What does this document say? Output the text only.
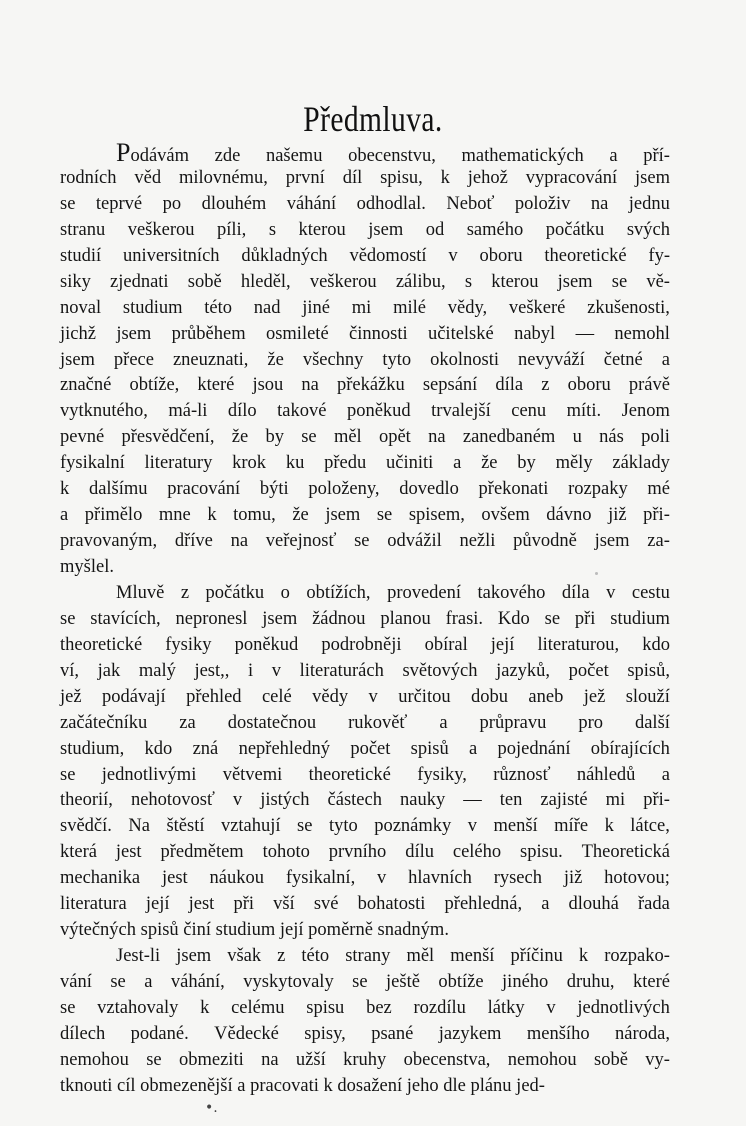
Předmluva.
Podávám zde našemu obecenstvu, mathematických a pří-
rodních věd milovnému, první díl spisu, k jehož vypracování jsem
se teprvé po dlouhém váhání odhodlal. Neboť položiv na jednu
stranu veškerou píli, s kterou jsem od samého počátku svých
studií universitních důkladných vědomostí v oboru theoretické fy-
siky zjednati sobě hleděl, veškerou zálibu, s kterou jsem se vě-
noval studium této nad jiné mi milé vědy, veškeré zkušenosti,
jichž jsem průběhem osmileté činnosti učitelské nabyl — nemohl
jsem přece zneuznati, že všechny tyto okolnosti nevyváží četné a
značné obtíže, které jsou na překážku sepsání díla z oboru právě
vytknutého, má-li dílo takové poněkud trvalejší cenu míti. Jenom
pevné přesvědčení, že by se měl opět na zanedbaném u nás poli
fysikalní literatury krok ku předu učiniti a že by měly základy
k dalšímu pracování býti položeny, dovedlo překonati rozpaky mé
a přimělo mne k tomu, že jsem se spisem, ovšem dávno již při-
pravovaným, dříve na veřejnosť se odvážil nežli původně jsem za-
myšlel.
Mluvě z počátku o obtížích, provedení takového díla v cestu
se stavících, nepronesl jsem žádnou planou frasi. Kdo se při studium
theoretické fysiky poněkud podrobněji obíral její literaturou, kdo
ví, jak malý jest,, i v literaturách světových jazyků, počet spisů,
jež podávají přehled celé vědy v určitou dobu aneb jež slouží
začátečníku za dostatečnou rukověť a průpravu pro další
studium, kdo zná nepřehledný počet spisů a pojednání obírajících
se jednotlivými větvemi theoretické fysiky, různosť náhledů a
theorií, nehotovosť v jistých částech nauky — ten zajisté mi při-
svědčí. Na štěstí vztahují se tyto poznámky v menší míře k látce,
která jest předmětem tohoto prvního dílu celého spisu. Theoretická
mechanika jest náukou fysikalní, v hlavních rysech již hotovou;
literatura její jest při vší své bohatosti přehledná, a dlouhá řada
výtečných spisů činí studium její poměrně snadným.
Jest-li jsem však z této strany měl menší příčinu k rozpako-
vání se a váhání, vyskytovaly se ještě obtíže jiného druhu, které
se vztahovaly k celému spisu bez rozdílu látky v jednotlivých
dílech podané. Vědecké spisy, psané jazykem menšího národa,
nemohou se obmeziti na užší kruhy obecenstva, nemohou sobě vy-
tknouti cíl obmezenější a pracovati k dosažení jeho dle plánu jed-
•.
